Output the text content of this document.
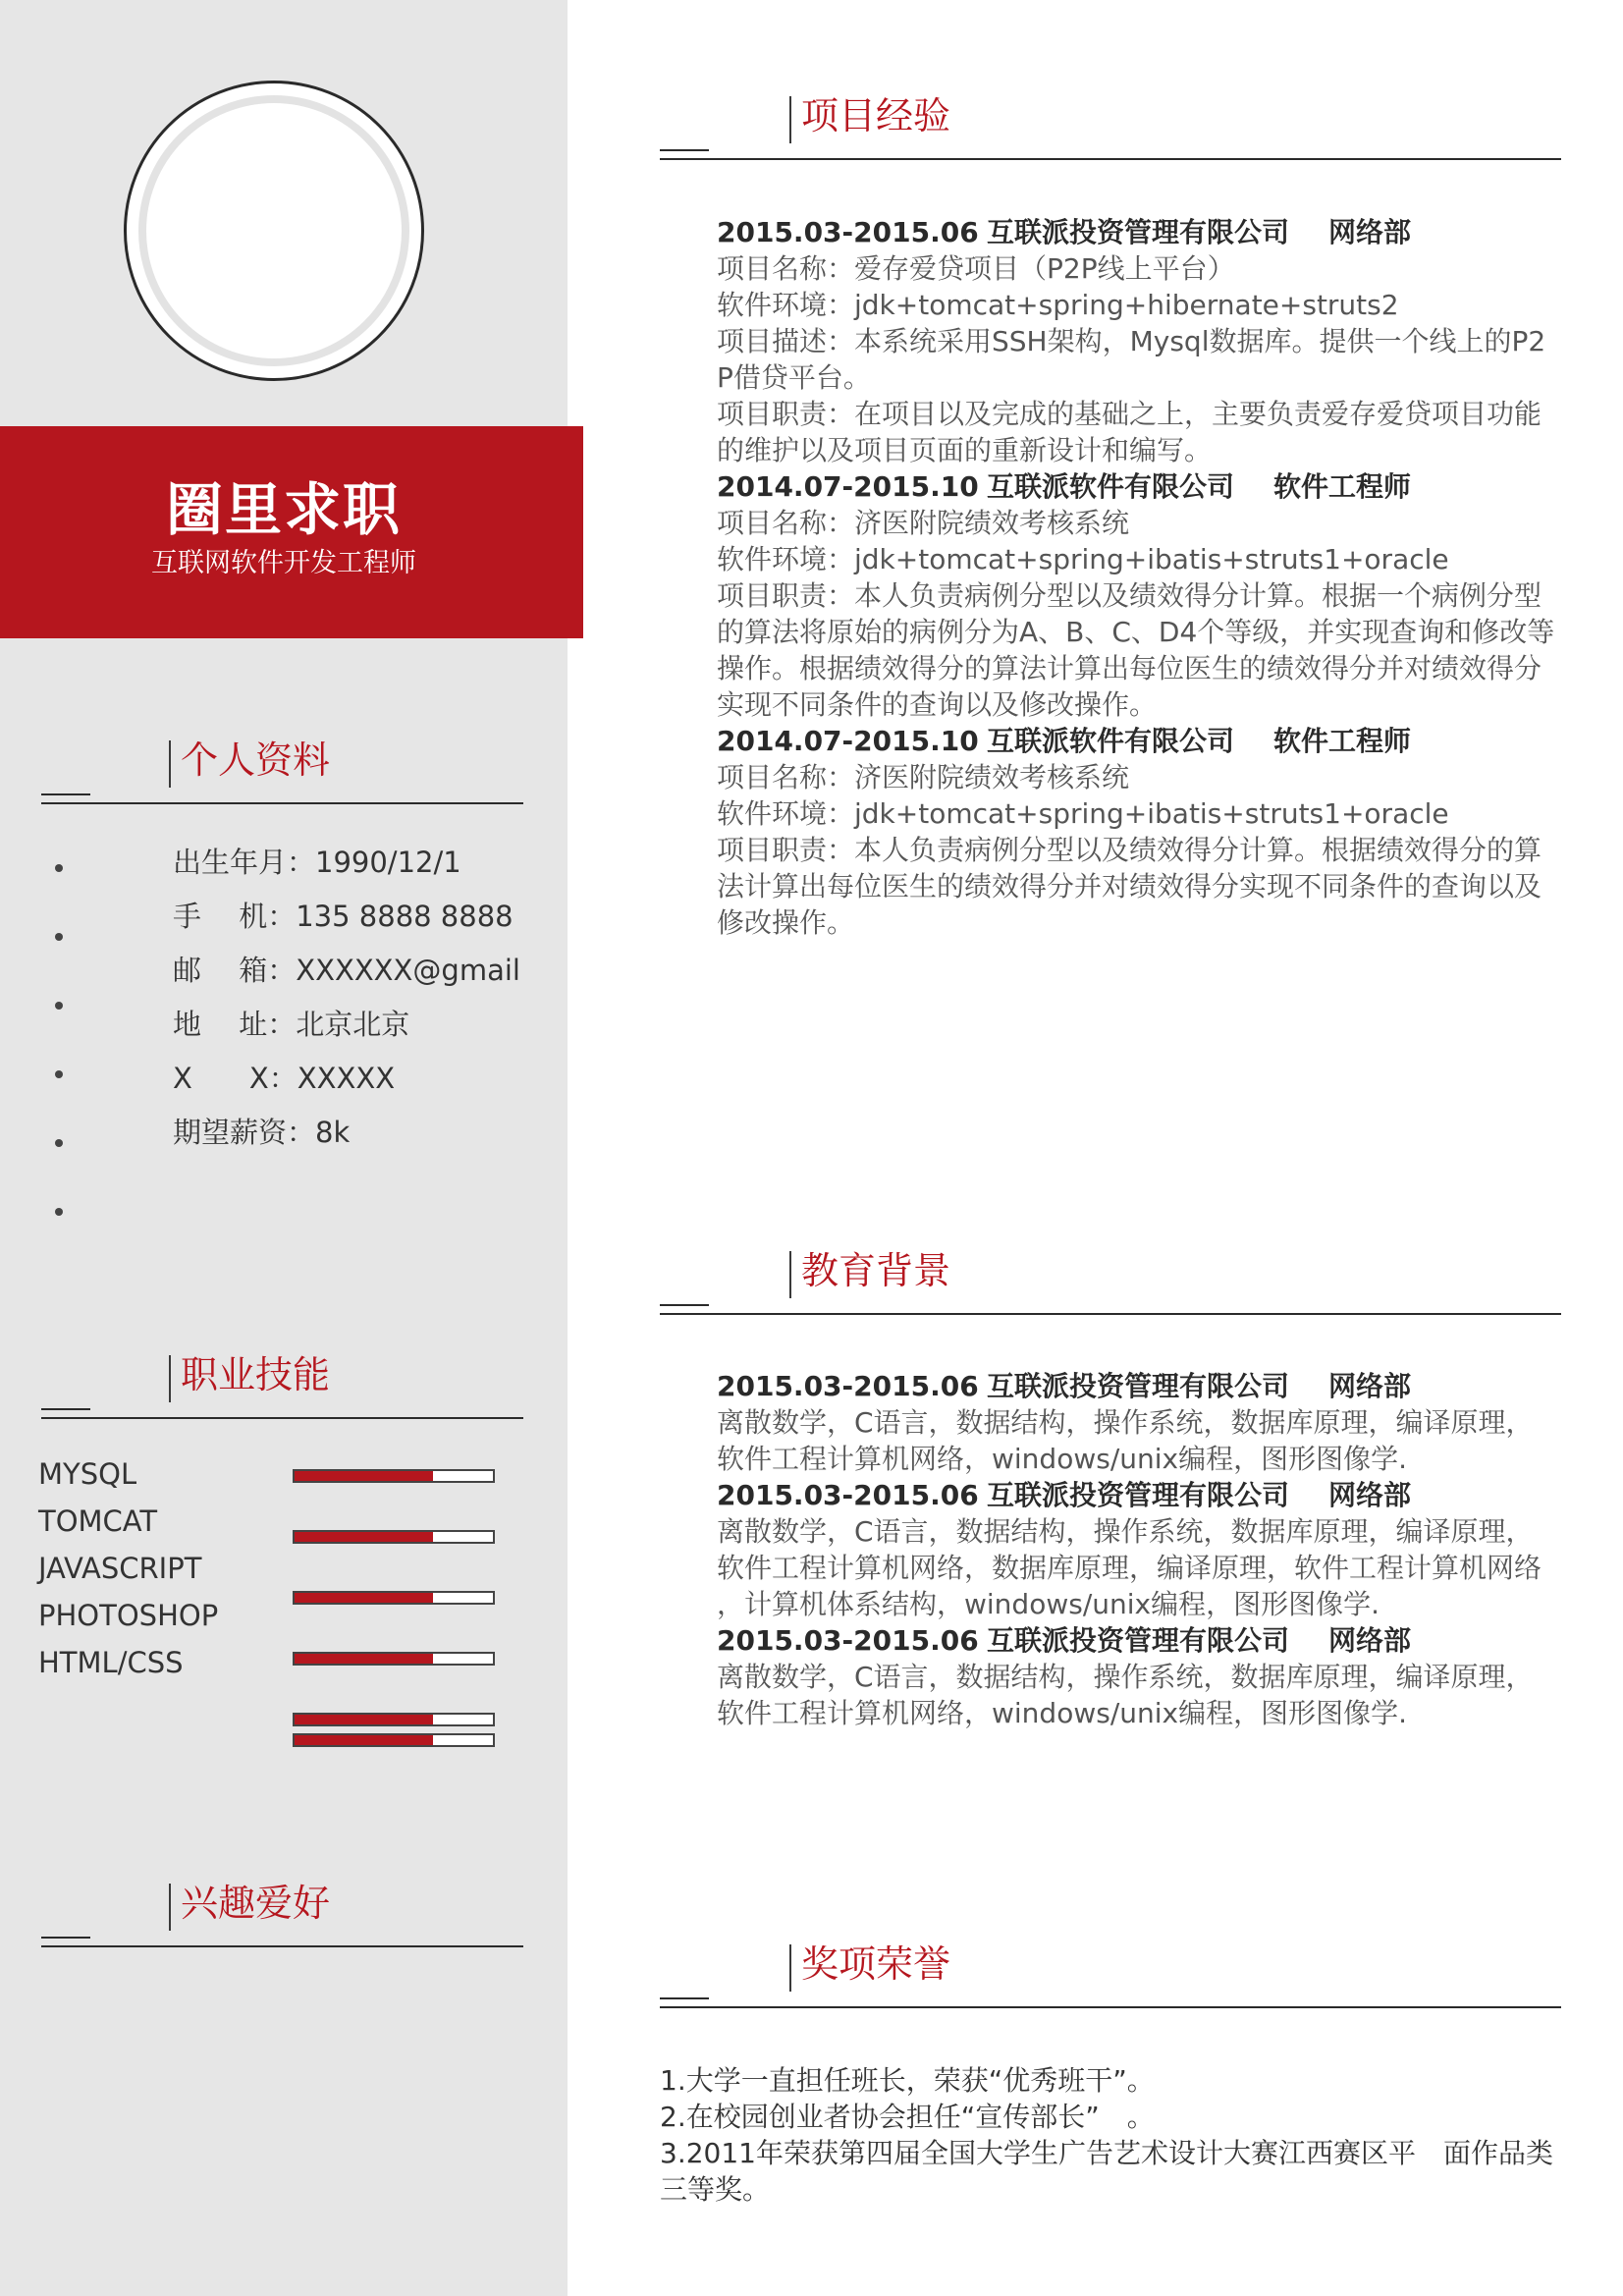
圈里求职
互联网软件开发工程师
个人资料
出生年月：1990/12/1
手　 机：135 8888 8888
邮　 箱：XXXXXX@gmail
地　 址：北京北京
X　　X：XXXXX
期望薪资：8k
职业技能
MYSQL
TOMCAT
JAVASCRIPT
PHOTOSHOP
HTML/CSS
兴趣爱好
项目经验
2015.03-2015.06 互联派投资管理有限公司 网络部
项目名称：爱存爱贷项目（P2P线上平台）
软件环境：jdk+tomcat+spring+hibernate+struts2
项目描述：本系统采用SSH架构，Mysql数据库。提供一个线上的P2
P借贷平台。
项目职责：在项目以及完成的基础之上，主要负责爱存爱贷项目功能
的维护以及项目页面的重新设计和编写。
2014.07-2015.10 互联派软件有限公司 软件工程师
项目名称：济医附院绩效考核系统
软件环境：jdk+tomcat+spring+ibatis+struts1+oracle
项目职责：本人负责病例分型以及绩效得分计算。根据一个病例分型
的算法将原始的病例分为A、B、C、D4个等级，并实现查询和修改等
操作。根据绩效得分的算法计算出每位医生的绩效得分并对绩效得分
实现不同条件的查询以及修改操作。
2014.07-2015.10 互联派软件有限公司 软件工程师
项目名称：济医附院绩效考核系统
软件环境：jdk+tomcat+spring+ibatis+struts1+oracle
项目职责：本人负责病例分型以及绩效得分计算。根据绩效得分的算
法计算出每位医生的绩效得分并对绩效得分实现不同条件的查询以及
修改操作。
教育背景
2015.03-2015.06 互联派投资管理有限公司 网络部
离散数学，C语言，数据结构，操作系统，数据库原理，编译原理，
软件工程计算机网络，windows/unix编程，图形图像学.
2015.03-2015.06 互联派投资管理有限公司 网络部
离散数学，C语言，数据结构，操作系统，数据库原理，编译原理，
软件工程计算机网络，数据库原理，编译原理，软件工程计算机网络
，计算机体系结构，windows/unix编程，图形图像学.
2015.03-2015.06 互联派投资管理有限公司 网络部
离散数学，C语言，数据结构，操作系统，数据库原理，编译原理，
软件工程计算机网络，windows/unix编程，图形图像学.
奖项荣誉
1.大学一直担任班长，荣获“优秀班干”。
2.在校园创业者协会担任“宣传部长”　。
3.2011年荣获第四届全国大学生广告艺术设计大赛江西赛区平　面作品类
三等奖。
